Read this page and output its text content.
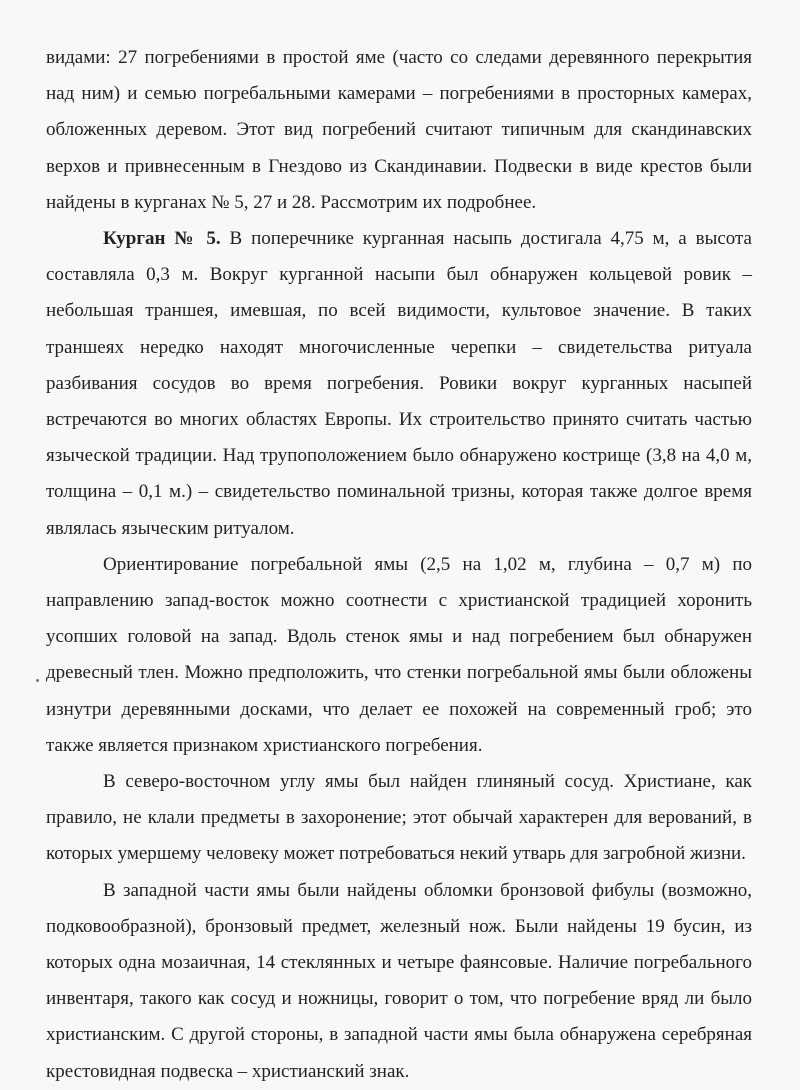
видами: 27 погребениями в простой яме (часто со следами деревянного перекрытия над ним) и семью погребальными камерами – погребениями в просторных камерах, обложенных деревом. Этот вид погребений считают типичным для скандинавских верхов и привнесенным в Гнездово из Скандинавии. Подвески в виде крестов были найдены в курганах № 5, 27 и 28. Рассмотрим их подробнее.

Курган № 5. В поперечнике курганная насыпь достигала 4,75 м, а высота составляла 0,3 м. Вокруг курганной насыпи был обнаружен кольцевой ровик – небольшая траншея, имевшая, по всей видимости, культовое значение. В таких траншеях нередко находят многочисленные черепки – свидетельства ритуала разбивания сосудов во время погребения. Ровики вокруг курганных насыпей встречаются во многих областях Европы. Их строительство принято считать частью языческой традиции. Над трупоположением было обнаружено кострище (3,8 на 4,0 м, толщина – 0,1 м.) – свидетельство поминальной тризны, которая также долгое время являлась языческим ритуалом.

Ориентирование погребальной ямы (2,5 на 1,02 м, глубина – 0,7 м) по направлению запад-восток можно соотнести с христианской традицией хоронить усопших головой на запад. Вдоль стенок ямы и над погребением был обнаружен древесный тлен. Можно предположить, что стенки погребальной ямы были обложены изнутри деревянными досками, что делает ее похожей на современный гроб; это также является признаком христианского погребения.

В северо-восточном углу ямы был найден глиняный сосуд. Христиане, как правило, не клали предметы в захоронение; этот обычай характерен для верований, в которых умершему человеку может потребоваться некий утварь для загробной жизни.

В западной части ямы были найдены обломки бронзовой фибулы (возможно, подковообразной), бронзовый предмет, железный нож. Были найдены 19 бусин, из которых одна мозаичная, 14 стеклянных и четыре фаянсовые. Наличие погребального инвентаря, такого как сосуд и ножницы, говорит о том, что погребение вряд ли было христианским. С другой стороны, в западной части ямы была обнаружена серебряная крестовидная подвеска – христианский знак.
